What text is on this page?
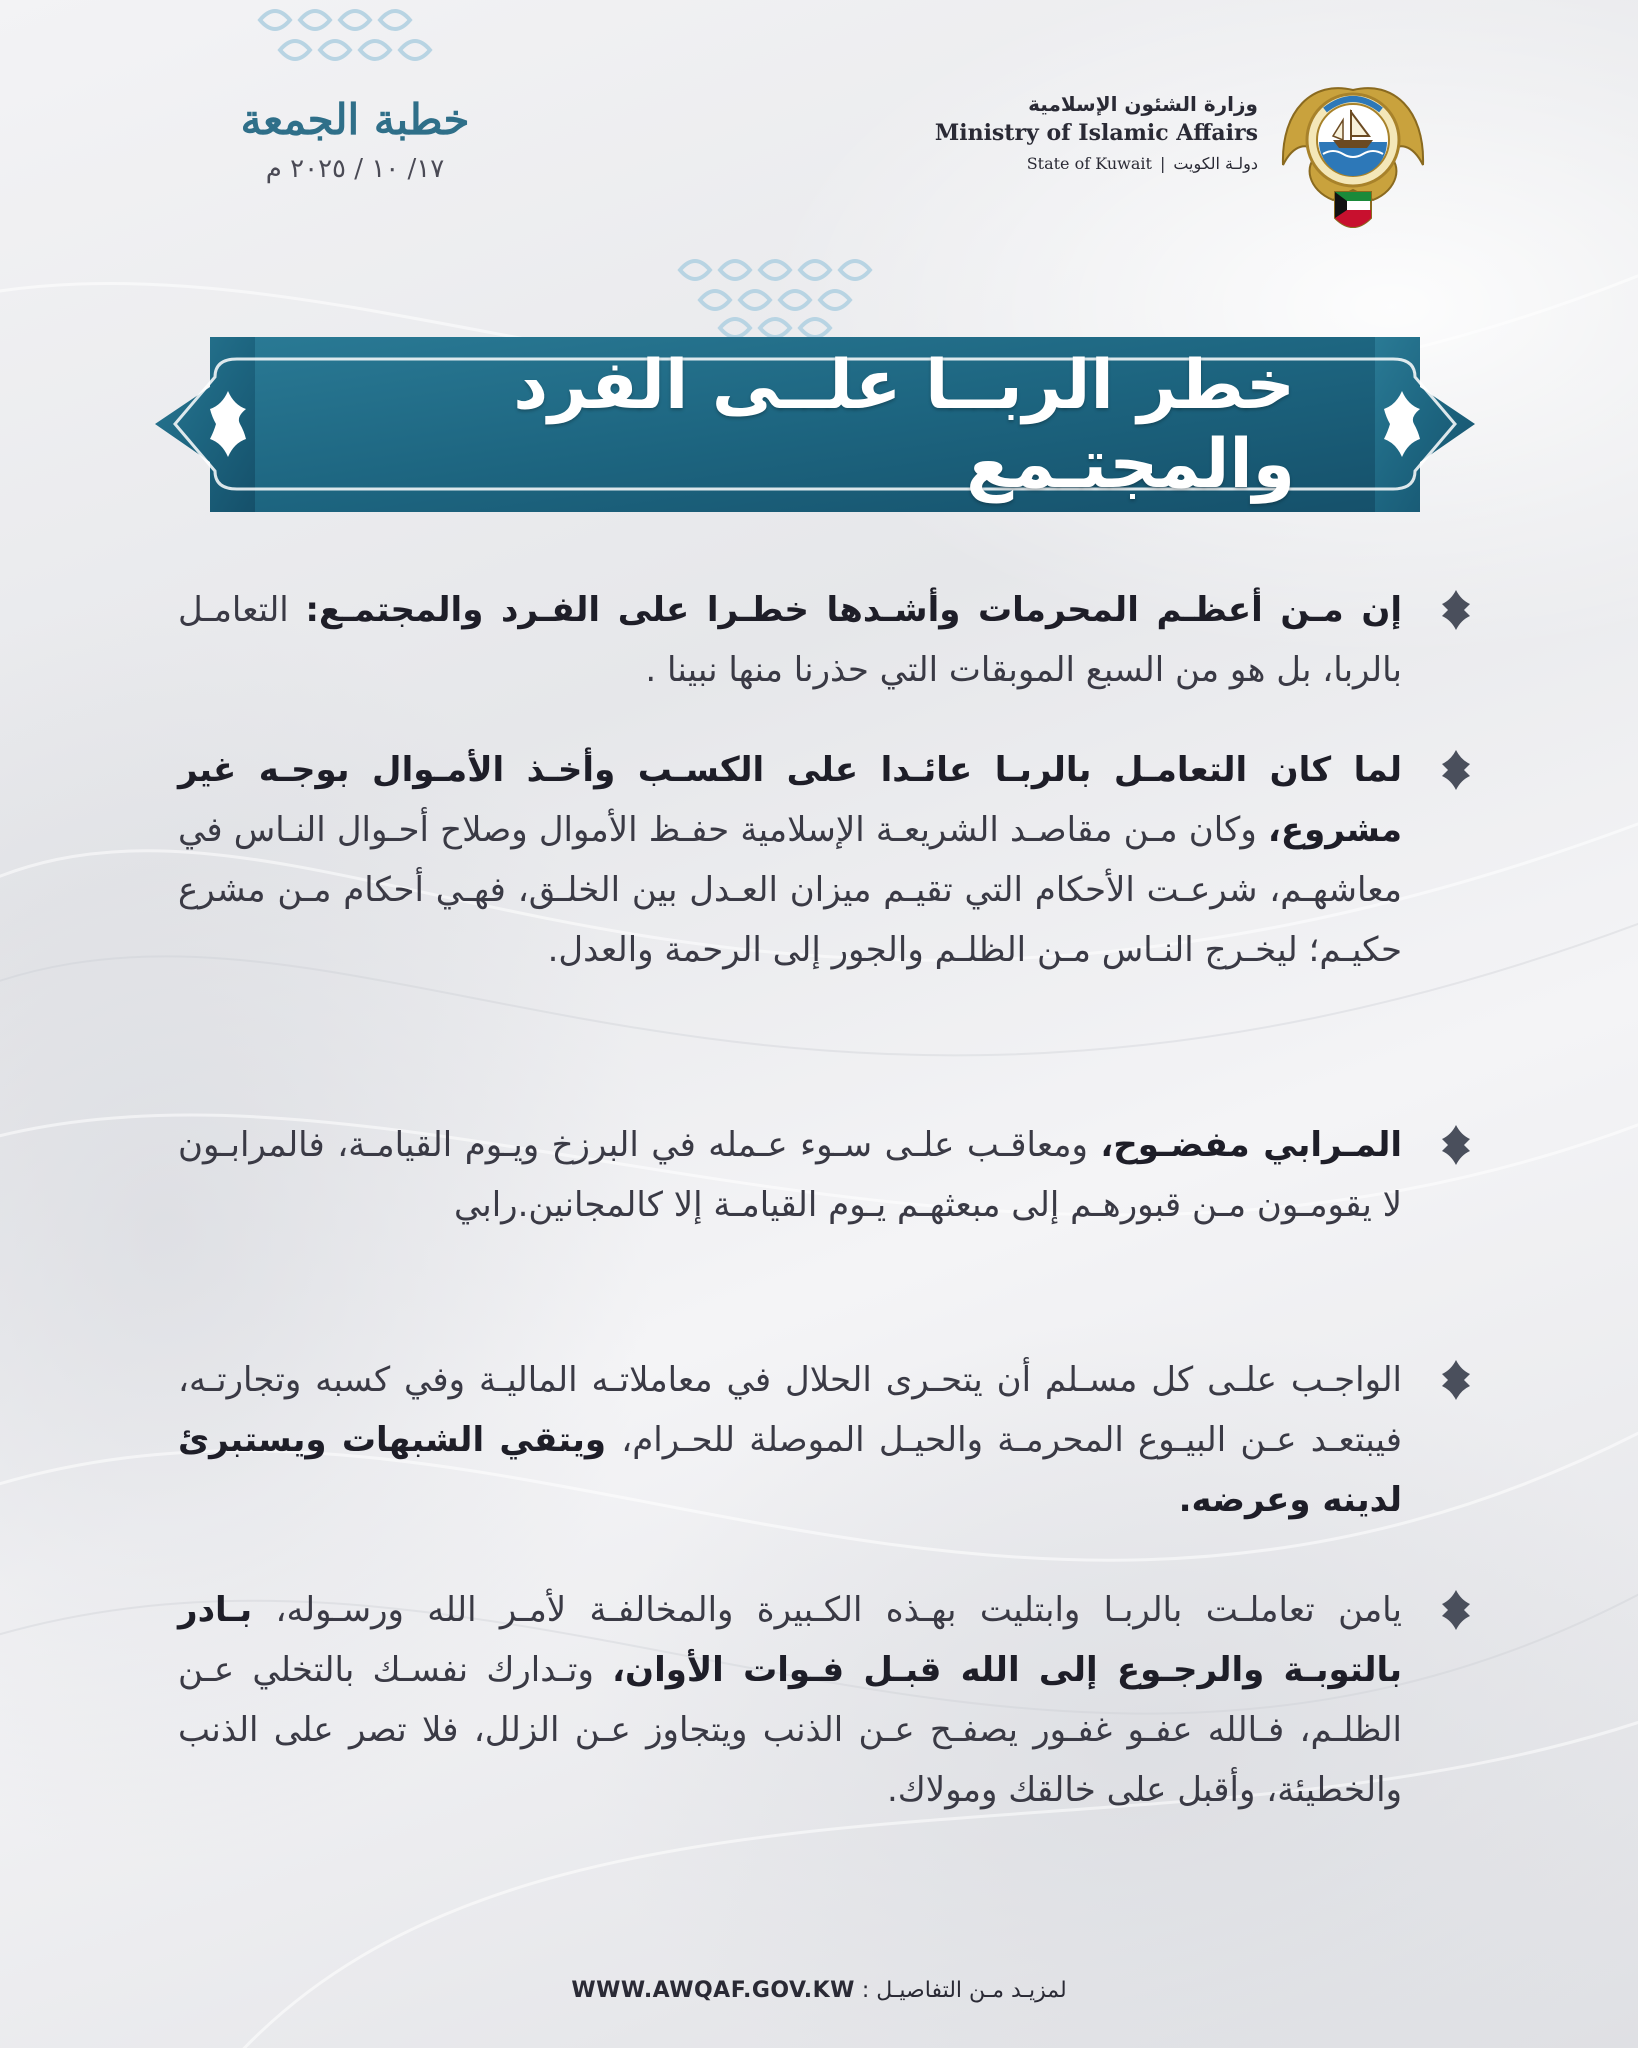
خطبة الجمعة
١٧/ ١٠ / ٢٠٢٥ م
وزارة الشئون الإسلامية
Ministry of Islamic Affairs
State of Kuwait | دولـة الكويت
خطر الربــا علــى الفرد والمجتـمع
إن مـن أعظـم المحرمات وأشـدها خطـرا على الفـرد والمجتمـع: التعامـل بالربا، بل هو من السبع الموبقات التي حذرنا منها نبينا .
لما كان التعامـل بالربـا عائـدا على الكسـب وأخـذ الأمـوال بوجـه غير مشروع، وكان مـن مقاصـد الشريعـة الإسلامية حفـظ الأموال وصلاح أحـوال النـاس في معاشهـم، شرعـت الأحكام التي تقيـم ميزان العـدل بين الخلـق، فهـي أحكام مـن مشرع حكيـم؛ ليخـرج النـاس مـن الظلـم والجور إلى الرحمة والعدل.
المـرابي مفضـوح، ومعاقـب علـى سـوء عـمله في البرزخ ويـوم القيامـة، فالمرابـون لا يقومـون مـن قبورهـم إلى مبعثهـم يـوم القيامـة إلا كالمجانين.رابي
الواجـب علـى كل مسـلم أن يتحـرى الحلال في معاملاتـه الماليـة وفي كسبه وتجارتـه، فيبتعـد عـن البيـوع المحرمـة والحيـل الموصلة للحـرام، ويتقي الشبهات ويستبرئ لدينه وعرضه.
يامن تعاملـت بالربـا وابتليت بهـذه الكـبيرة والمخالفـة لأمـر الله ورسـوله، بـادر بالتوبـة والرجـوع إلى الله قبـل فـوات الأوان، وتـدارك نفسـك بالتخلي عـن الظلـم، فـالله عفـو غفـور يصفـح عـن الذنب ويتجاوز عـن الزلل، فلا تصر على الذنب والخطيئة، وأقبل على خالقك ومولاك.
لمزيـد مـن التفاصيـل : WWW.AWQAF.GOV.KW
